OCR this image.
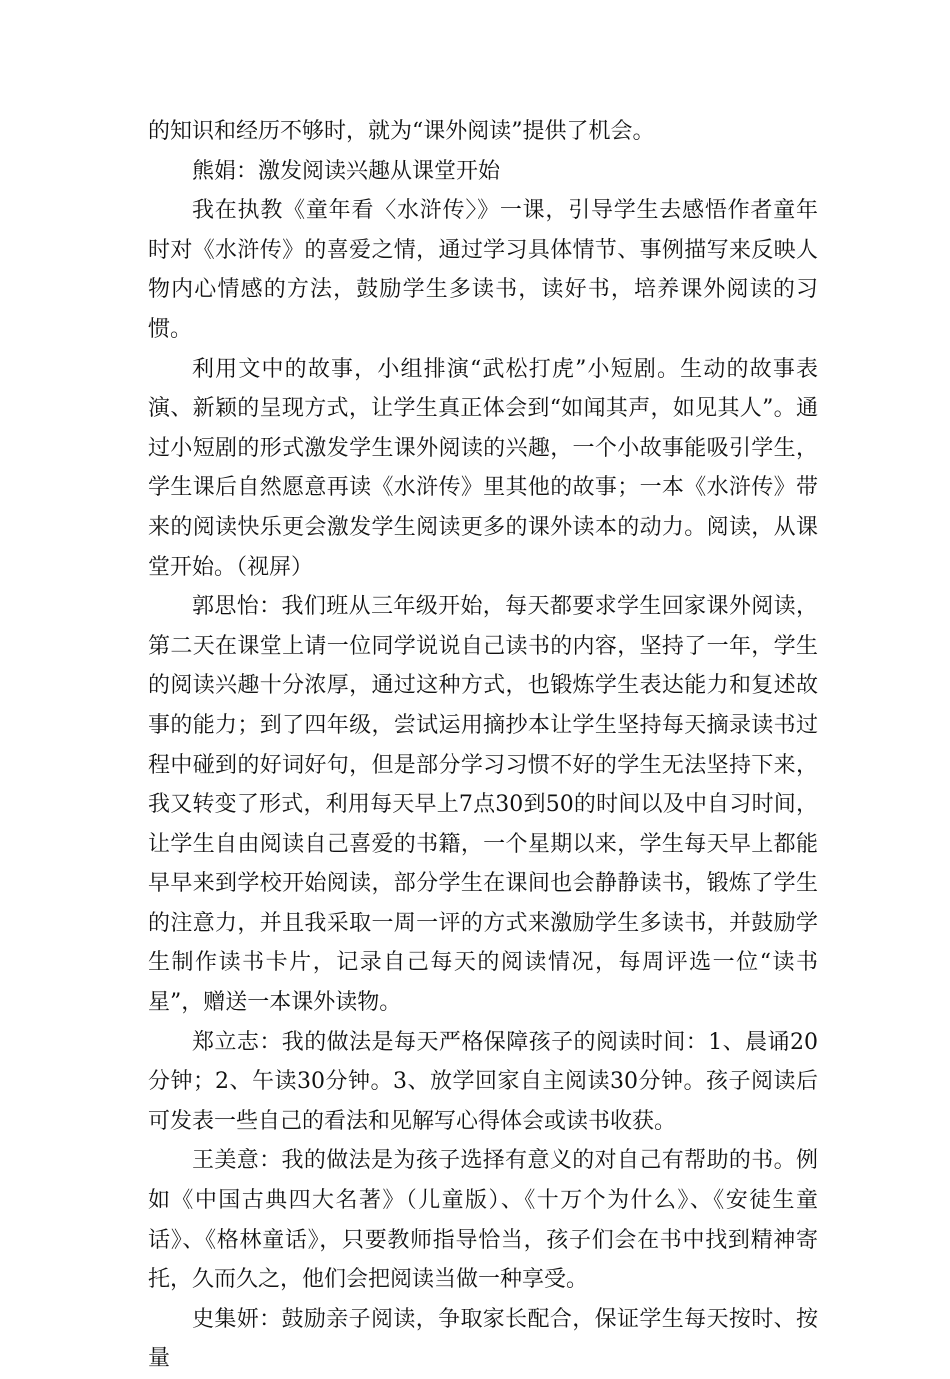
的知识和经历不够时，就为“课外阅读”提供了机会。

熊娟：激发阅读兴趣从课堂开始

我在执教《童年看〈水浒传〉》一课，引导学生去感悟作者童年时对《水浒传》的喜爱之情，通过学习具体情节、事例描写来反映人物内心情感的方法，鼓励学生多读书，读好书，培养课外阅读的习惯。

利用文中的故事，小组排演“武松打虎”小短剧。生动的故事表演、新颖的呈现方式，让学生真正体会到“如闻其声，如见其人”。通过小短剧的形式激发学生课外阅读的兴趣，一个小故事能吸引学生，学生课后自然愿意再读《水浒传》里其他的故事；一本《水浒传》带来的阅读快乐更会激发学生阅读更多的课外读本的动力。阅读，从课堂开始。（视屏）

郭思怡：我们班从三年级开始，每天都要求学生回家课外阅读，第二天在课堂上请一位同学说说自己读书的内容，坚持了一年，学生的阅读兴趣十分浓厚，通过这种方式，也锻炼学生表达能力和复述故事的能力；到了四年级，尝试运用摘抄本让学生坚持每天摘录读书过程中碰到的好词好句，但是部分学习习惯不好的学生无法坚持下来，我又转变了形式，利用每天早上7点30到50的时间以及中自习时间，让学生自由阅读自己喜爱的书籍，一个星期以来，学生每天早上都能早早来到学校开始阅读，部分学生在课间也会静静读书，锻炼了学生的注意力，并且我采取一周一评的方式来激励学生多读书，并鼓励学生制作读书卡片，记录自己每天的阅读情况，每周评选一位“读书星”，赠送一本课外读物。

郑立志：我的做法是每天严格保障孩子的阅读时间：1、晨诵20分钟；2、午读30分钟。3、放学回家自主阅读30分钟。孩子阅读后可发表一些自己的看法和见解写心得体会或读书收获。

王美意：我的做法是为孩子选择有意义的对自己有帮助的书。例如《中国古典四大名著》（儿童版）、《十万个为什么》、《安徒生童话》、《格林童话》，只要教师指导恰当，孩子们会在书中找到精神寄托，久而久之，他们会把阅读当做一种享受。

史集妍：鼓励亲子阅读，争取家长配合，保证学生每天按时、按量
